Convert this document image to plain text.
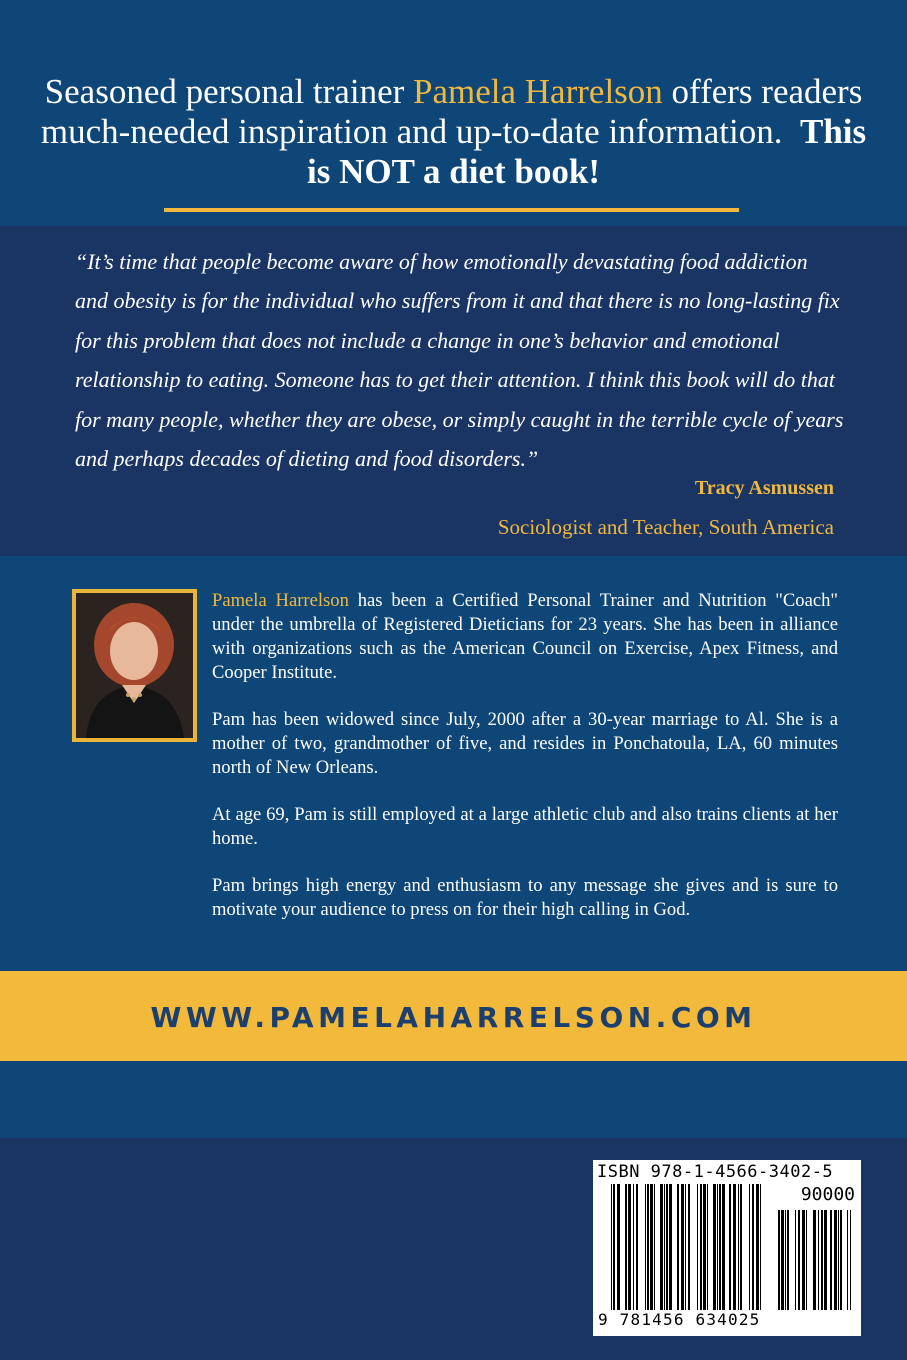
Seasoned personal trainer Pamela Harrelson offers readers much-needed inspiration and up-to-date information. This is NOT a diet book!
“It’s time that people become aware of how emotionally devastating food addiction and obesity is for the individual who suffers from it and that there is no long-lasting fix for this problem that does not include a change in one’s behavior and emotional relationship to eating. Someone has to get their attention. I think this book will do that for many people, whether they are obese, or simply caught in the terrible cycle of years and perhaps decades of dieting and food disorders.”
Tracy Asmussen
Sociologist and Teacher, South America

Pamela Harrelson has been a Certified Personal Trainer and Nutrition "Coach" under the umbrella of Registered Dieticians for 23 years. She has been in alliance with organizations such as the American Council on Exercise, Apex Fitness, and Cooper Institute.

Pam has been widowed since July, 2000 after a 30-year marriage to Al. She is a mother of two, grandmother of five, and resides in Ponchatoula, LA, 60 minutes north of New Orleans.

At age 69, Pam is still employed at a large athletic club and also trains clients at her home.

Pam brings high energy and enthusiasm to any message she gives and is sure to motivate your audience to press on for their high calling in God.

WWW.PAMELAHARRELSON.COM
ISBN 978-1-4566-3402-5
90000
9 781456 634025
